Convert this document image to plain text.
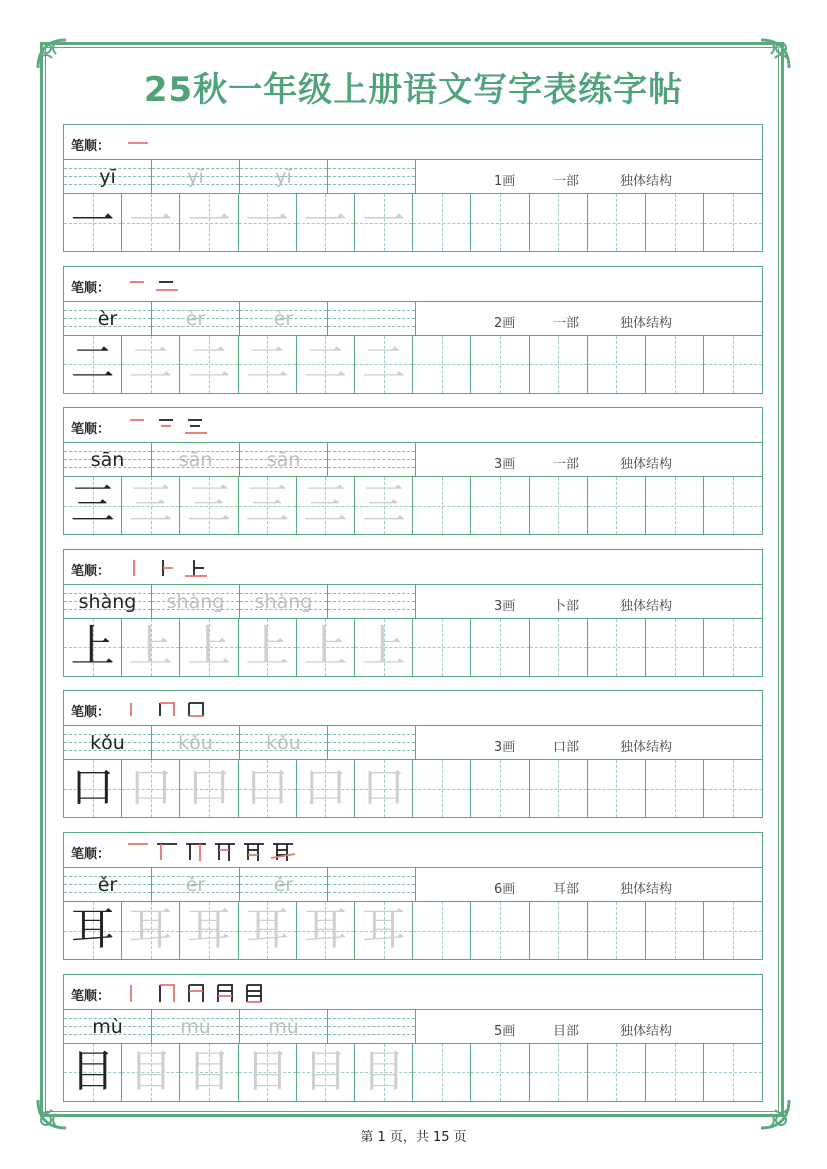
25秋一年级上册语文写字表练字帖
笔顺：
yī	yī	yī	1画	一部	独体结构
一 一 一 一 一 一
笔顺：
èr	èr	èr	2画	一部	独体结构
二 二 二 二 二 二
笔顺：
sān	sān	sān	3画	一部	独体结构
三 三 三 三 三 三
笔顺：
shàng	shàng	shàng	3画	卜部	独体结构
上 上 上 上 上 上
笔顺：
kǒu	kǒu	kǒu	3画	口部	独体结构
口 口 口 口 口 口
笔顺：
ěr	ěr	ěr	6画	耳部	独体结构
耳 耳 耳 耳 耳 耳
笔顺：
mù	mù	mù	5画	目部	独体结构
目 目 目 目 目 目
第 1 页，共 15 页
